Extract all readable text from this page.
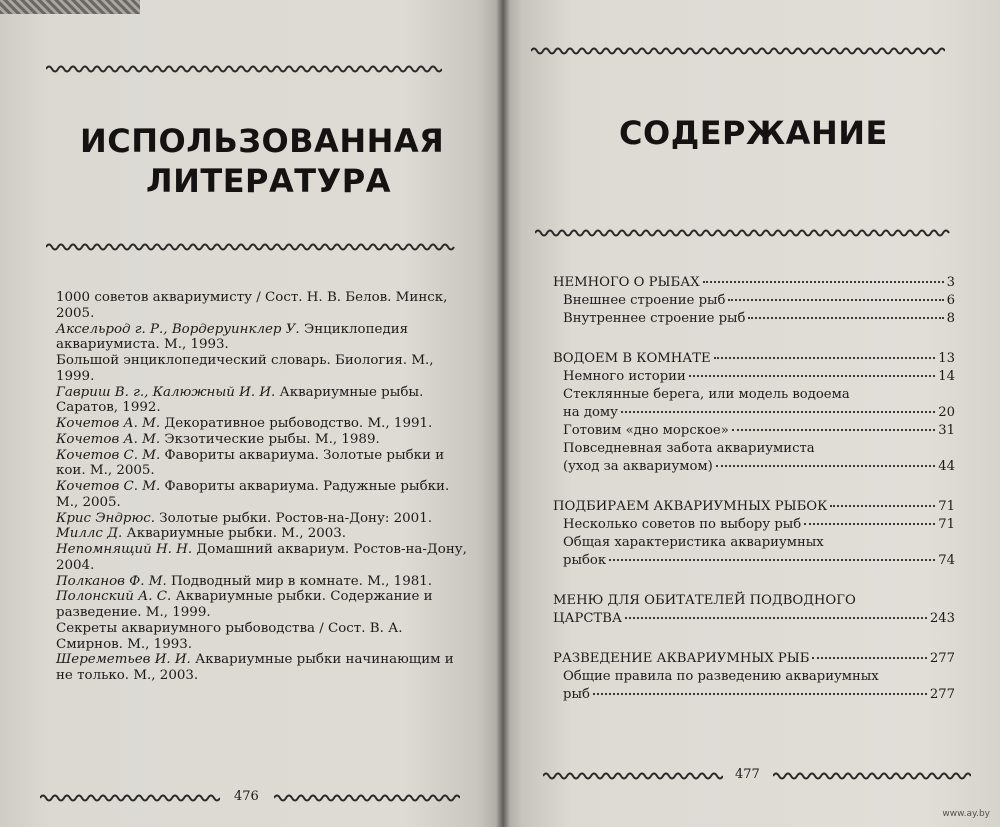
ИСПОЛЬЗОВАННАЯ
ЛИТЕРАТУРА
1000 советов аквариумисту / Сост. Н. В. Белов. Минск, 2005.
Аксельрод г. Р., Вордеруинклер У. Энциклопедия аквариумиста. М., 1993.
Большой энциклопедический словарь. Биология. М., 1999.
Гавриш В. г., Калюжный И. И. Аквариумные рыбы. Саратов, 1992.
Кочетов А. М. Декоративное рыбоводство. М., 1991.
Кочетов А. М. Экзотические рыбы. М., 1989.
Кочетов С. М. Фавориты аквариума. Золотые рыбки и кои. М., 2005.
Кочетов С. М. Фавориты аквариума. Радужные рыбки. М., 2005.
Крис Эндрюс. Золотые рыбки. Ростов-на-Дону: 2001.
Миллс Д. Аквариумные рыбки. М., 2003.
Непомнящий Н. Н. Домашний аквариум. Ростов-на-Дону, 2004.
Полканов Ф. М. Подводный мир в комнате. М., 1981.
Полонский А. С. Аквариумные рыбки. Содержание и разведение. М., 1999.
Секреты аквариумного рыбоводства / Сост. В. А. Смирнов. М., 1993.
Шереметьев И. И. Аквариумные рыбки начинающим и не только. М., 2003.
476
СОДЕРЖАНИЕ
477
www.ay.by
НЕМНОГО О РЫБАХ	3
Внешнее строение рыб	6
Внутреннее строение рыб	8
ВОДОЕМ В КОМНАТЕ	13
Немного истории	14
Стеклянные берега, или модель водоема
на дому	20
Готовим «дно морское»	31
Повседневная забота аквариумиста
(уход за аквариумом)	44
ПОДБИРАЕМ АКВАРИУМНЫХ РЫБОК	71
Несколько советов по выбору рыб	71
Общая характеристика аквариумных
рыбок	74
МЕНЮ ДЛЯ ОБИТАТЕЛЕЙ ПОДВОДНОГО
ЦАРСТВА	243
РАЗВЕДЕНИЕ АКВАРИУМНЫХ РЫБ	277
Общие правила по разведению аквариумных
рыб	277
